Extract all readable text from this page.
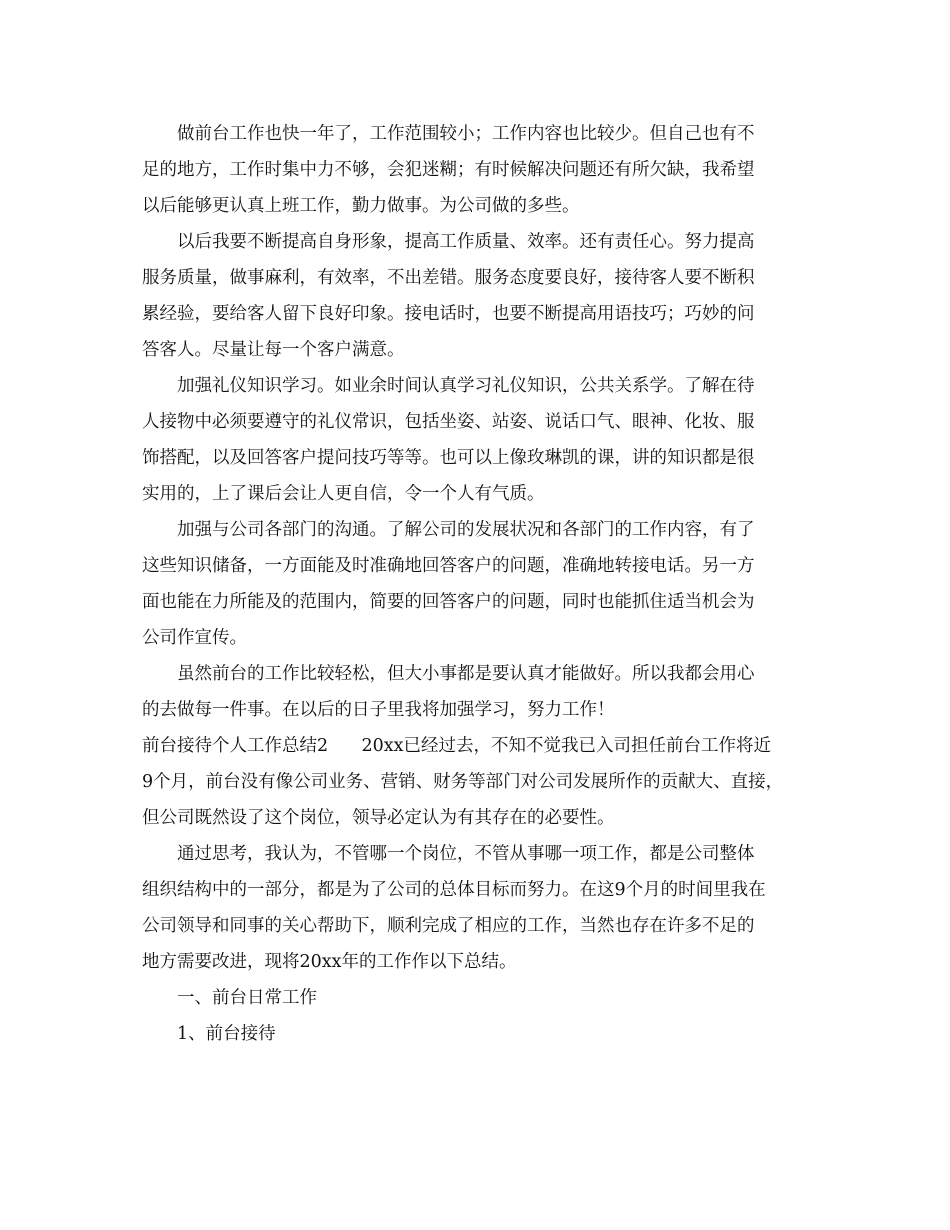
做前台工作也快一年了，工作范围较小；工作内容也比较少。但自己也有不
足的地方，工作时集中力不够，会犯迷糊；有时候解决问题还有所欠缺，我希望
以后能够更认真上班工作，勤力做事。为公司做的多些。
以后我要不断提高自身形象，提高工作质量、效率。还有责任心。努力提高
服务质量，做事麻利，有效率，不出差错。服务态度要良好，接待客人要不断积
累经验，要给客人留下良好印象。接电话时，也要不断提高用语技巧；巧妙的问
答客人。尽量让每一个客户满意。
加强礼仪知识学习。如业余时间认真学习礼仪知识，公共关系学。了解在待
人接物中必须要遵守的礼仪常识，包括坐姿、站姿、说话口气、眼神、化妆、服
饰搭配，以及回答客户提问技巧等等。也可以上像玫琳凯的课，讲的知识都是很
实用的，上了课后会让人更自信，令一个人有气质。
加强与公司各部门的沟通。了解公司的发展状况和各部门的工作内容，有了
这些知识储备，一方面能及时准确地回答客户的问题，准确地转接电话。另一方
面也能在力所能及的范围内，简要的回答客户的问题，同时也能抓住适当机会为
公司作宣传。
虽然前台的工作比较轻松，但大小事都是要认真才能做好。所以我都会用心
的去做每一件事。在以后的日子里我将加强学习，努力工作！
前台接待个人工作总结2      20xx已经过去，不知不觉我已入司担任前台工作将近
9个月，前台没有像公司业务、营销、财务等部门对公司发展所作的贡献大、直接，
但公司既然设了这个岗位，领导必定认为有其存在的必要性。
通过思考，我认为，不管哪一个岗位，不管从事哪一项工作，都是公司整体
组织结构中的一部分，都是为了公司的总体目标而努力。在这9个月的时间里我在
公司领导和同事的关心帮助下，顺利完成了相应的工作，当然也存在许多不足的
地方需要改进，现将20xx年的工作作以下总结。
一、前台日常工作
1、前台接待
